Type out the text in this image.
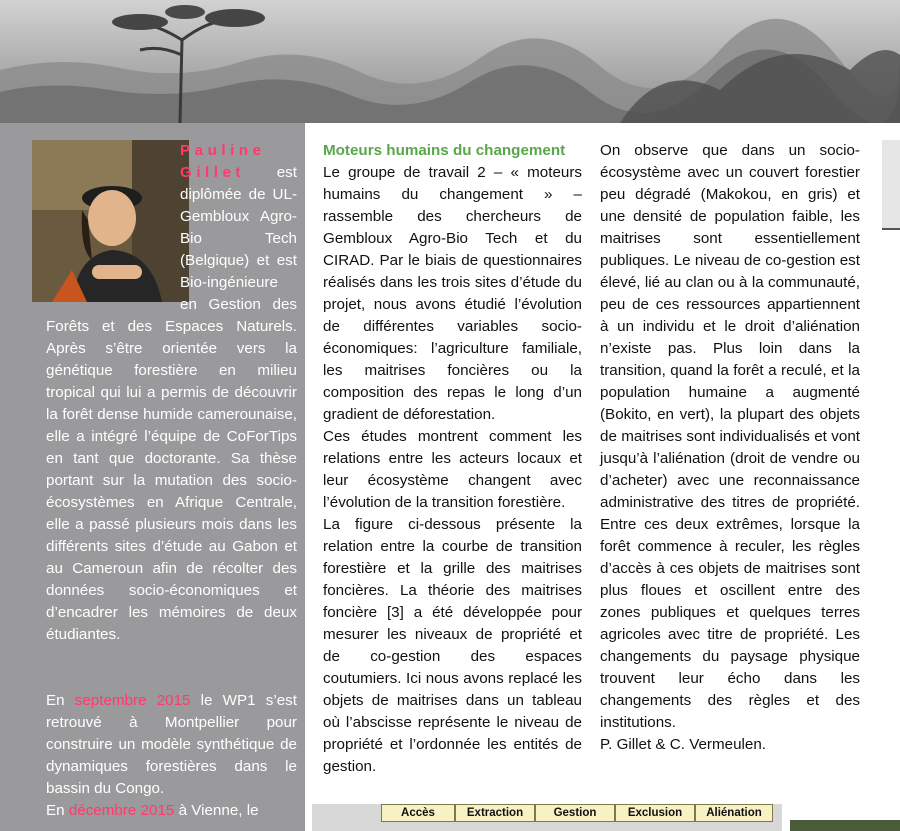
Pauline Gillet est diplômée de UL-Gembloux Agro-Bio Tech (Belgique) et est Bio-ingénieure en Gestion des Forêts et des Espaces Naturels. Après s’être orientée vers la génétique forestière en milieu tropical qui lui a permis de découvrir la forêt dense humide camerounaise, elle a intégré l’équipe de CoForTips en tant que doctorante. Sa thèse portant sur la mutation des socio-écosystèmes en Afrique Centrale, elle a passé plusieurs mois dans les différents sites d’étude au Gabon et au Cameroun afin de récolter des données socio-économiques et d’encadrer les mémoires de deux étudiantes.

En septembre 2015 le WP1 s’est retrouvé à Montpellier pour construire un modèle synthétique de dynamiques forestières dans le bassin du Congo.

En décembre 2015 à Vienne, le

Moteurs humains du changement

Le groupe de travail 2 – « moteurs humains du changement » – rassemble des chercheurs de Gembloux Agro-Bio Tech et du CIRAD. Par le biais de questionnaires réalisés dans les trois sites d’étude du projet, nous avons étudié l’évolution de différentes variables socio-économiques: l’agriculture familiale, les maitrises foncières ou la composition des repas le long d’un gradient de déforestation.

Ces études montrent comment les relations entre les acteurs locaux et leur écosystème changent avec l’évolution de la transition forestière.

La figure ci-dessous présente la relation entre la courbe de transition forestière et la grille des maitrises foncières. La théorie des maitrises foncière [3] a été développée pour mesurer les niveaux de propriété et de co-gestion des espaces coutumiers. Ici nous avons replacé les objets de maitrises dans un tableau où l’abscisse représente le niveau de propriété et l’ordonnée les entités de gestion.

On observe que dans un socio-écosystème avec un couvert forestier peu dégradé (Makokou, en gris) et une densité de population faible, les maitrises sont essentiellement publiques. Le niveau de co-gestion est élevé, lié au clan ou à la communauté, peu de ces ressources appartiennent à un individu et le droit d’aliénation n’existe pas. Plus loin dans la transition, quand la forêt a reculé, et la population humaine a augmenté (Bokito, en vert), la plupart des objets de maitrises sont individualisés et vont jusqu’à l’aliénation (droit de vendre ou d’acheter) avec une reconnaissance administrative des titres de propriété. Entre ces deux extrêmes, lorsque la forêt commence à reculer, les règles d’accès à ces objets de maitrises sont plus floues et oscillent entre des zones publiques et quelques terres agricoles avec titre de propriété. Les changements du paysage physique trouvent leur écho dans les changements des règles et des institutions.

P. Gillet & C. Vermeulen.

Accès	Extraction	Gestion	Exclusion	Aliénation
